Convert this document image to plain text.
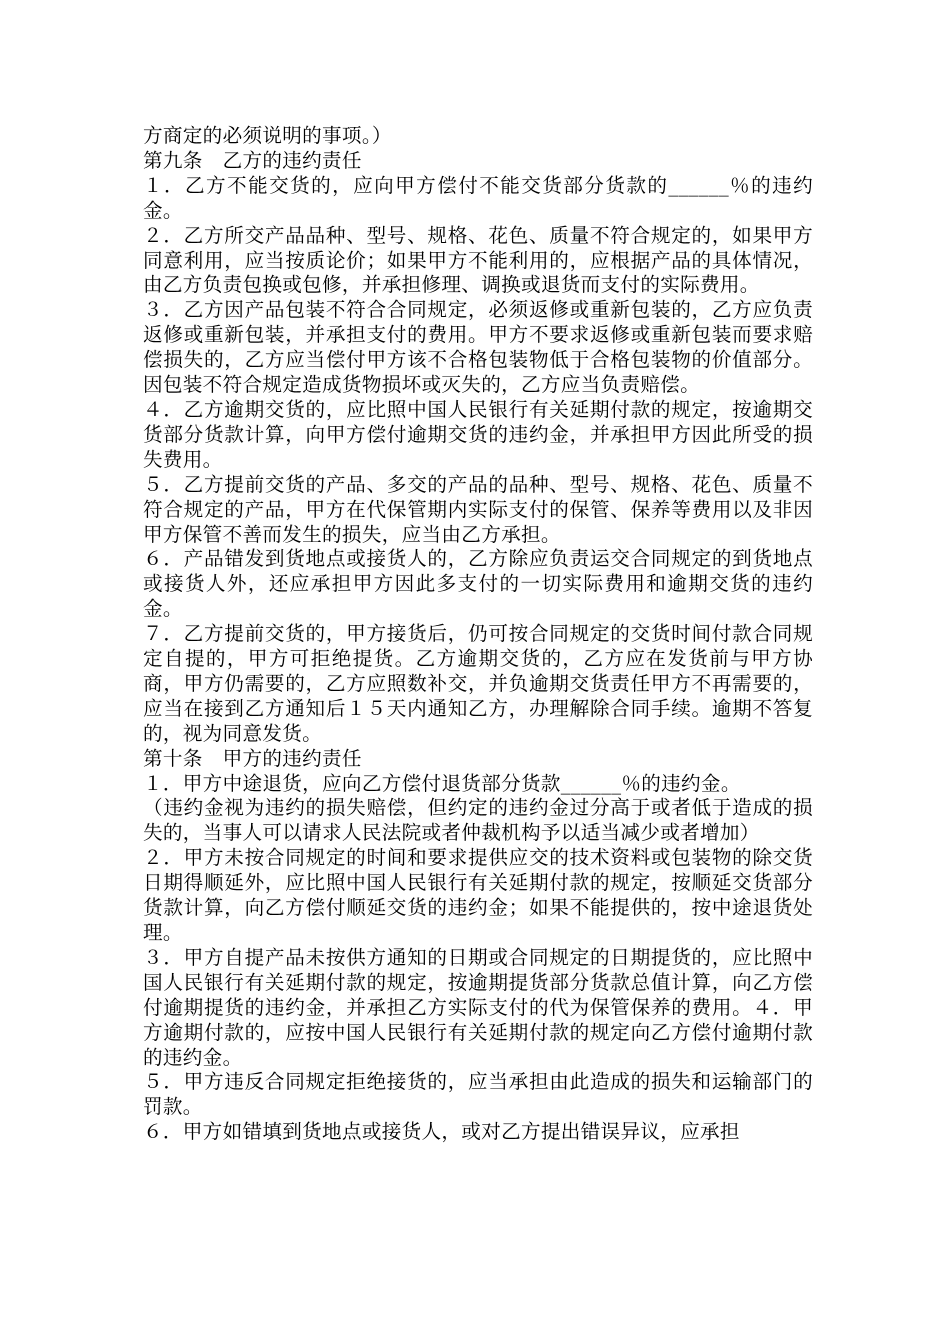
方商定的必须说明的事项。）

第九条　乙方的违约责任

１．乙方不能交货的，应向甲方偿付不能交货部分货款的______％的违约金。

２．乙方所交产品品种、型号、规格、花色、质量不符合规定的，如果甲方同意利用，应当按质论价；如果甲方不能利用的，应根据产品的具体情况，由乙方负责包换或包修，并承担修理、调换或退货而支付的实际费用。

３．乙方因产品包装不符合合同规定，必须返修或重新包装的，乙方应负责返修或重新包装，并承担支付的费用。甲方不要求返修或重新包装而要求赔偿损失的，乙方应当偿付甲方该不合格包装物低于合格包装物的价值部分。因包装不符合规定造成货物损坏或灭失的，乙方应当负责赔偿。

４．乙方逾期交货的，应比照中国人民银行有关延期付款的规定，按逾期交货部分货款计算，向甲方偿付逾期交货的违约金，并承担甲方因此所受的损失费用。

５．乙方提前交货的产品、多交的产品的品种、型号、规格、花色、质量不符合规定的产品，甲方在代保管期内实际支付的保管、保养等费用以及非因甲方保管不善而发生的损失，应当由乙方承担。

６．产品错发到货地点或接货人的，乙方除应负责运交合同规定的到货地点或接货人外，还应承担甲方因此多支付的一切实际费用和逾期交货的违约金。

７．乙方提前交货的，甲方接货后，仍可按合同规定的交货时间付款合同规定自提的，甲方可拒绝提货。乙方逾期交货的，乙方应在发货前与甲方协商，甲方仍需要的，乙方应照数补交，并负逾期交货责任甲方不再需要的，应当在接到乙方通知后１５天内通知乙方，办理解除合同手续。逾期不答复的，视为同意发货。

第十条　甲方的违约责任

１．甲方中途退货，应向乙方偿付退货部分货款______％的违约金。

（违约金视为违约的损失赔偿，但约定的违约金过分高于或者低于造成的损失的，当事人可以请求人民法院或者仲裁机构予以适当减少或者增加）

２．甲方未按合同规定的时间和要求提供应交的技术资料或包装物的除交货日期得顺延外，应比照中国人民银行有关延期付款的规定，按顺延交货部分货款计算，向乙方偿付顺延交货的违约金；如果不能提供的，按中途退货处理。

３．甲方自提产品未按供方通知的日期或合同规定的日期提货的，应比照中国人民银行有关延期付款的规定，按逾期提货部分货款总值计算，向乙方偿付逾期提货的违约金，并承担乙方实际支付的代为保管保养的费用。４．甲方逾期付款的，应按中国人民银行有关延期付款的规定向乙方偿付逾期付款的违约金。

５．甲方违反合同规定拒绝接货的，应当承担由此造成的损失和运输部门的罚款。

６．甲方如错填到货地点或接货人，或对乙方提出错误异议，应承担
